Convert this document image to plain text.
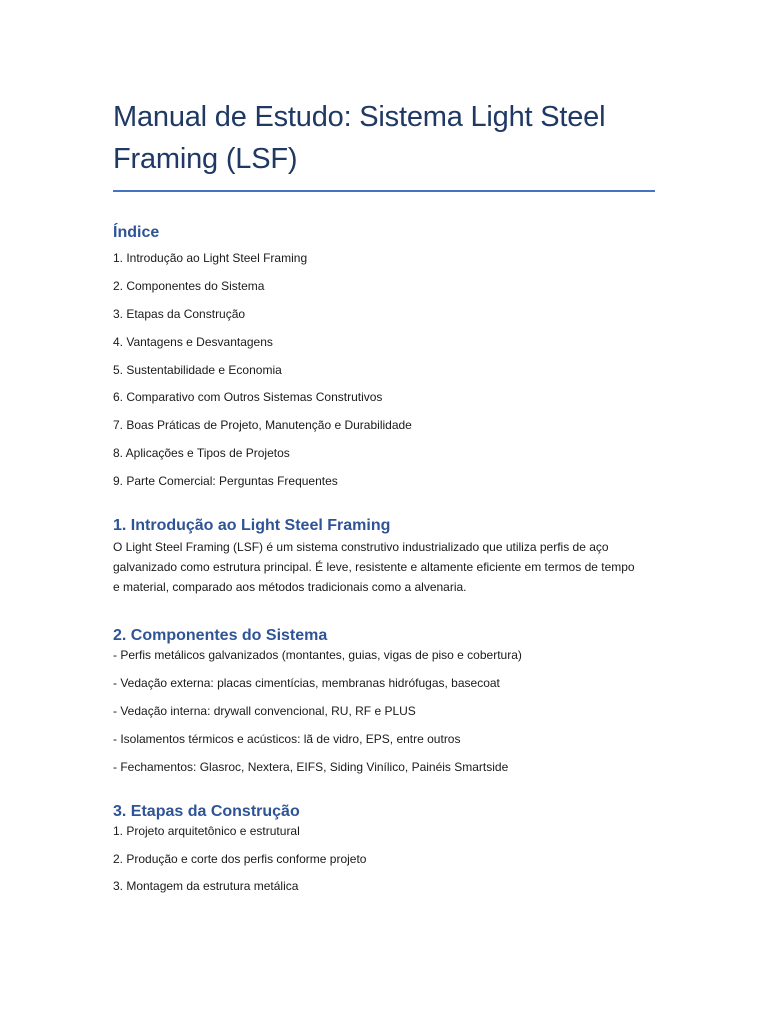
Manual de Estudo: Sistema Light Steel Framing (LSF)
Índice

1. Introdução ao Light Steel Framing

2. Componentes do Sistema

3. Etapas da Construção

4. Vantagens e Desvantagens

5. Sustentabilidade e Economia

6. Comparativo com Outros Sistemas Construtivos

7. Boas Práticas de Projeto, Manutenção e Durabilidade

8. Aplicações e Tipos de Projetos

9. Parte Comercial: Perguntas Frequentes

1. Introdução ao Light Steel Framing

O Light Steel Framing (LSF) é um sistema construtivo industrializado que utiliza perfis de aço galvanizado como estrutura principal. É leve, resistente e altamente eficiente em termos de tempo e material, comparado aos métodos tradicionais como a alvenaria.

2. Componentes do Sistema

- Perfis metálicos galvanizados (montantes, guias, vigas de piso e cobertura)

- Vedação externa: placas cimentícias, membranas hidrófugas, basecoat

- Vedação interna: drywall convencional, RU, RF e PLUS

- Isolamentos térmicos e acústicos: lã de vidro, EPS, entre outros

- Fechamentos: Glasroc, Nextera, EIFS, Siding Vinílico, Painéis Smartside

3. Etapas da Construção

1. Projeto arquitetônico e estrutural

2. Produção e corte dos perfis conforme projeto

3. Montagem da estrutura metálica
